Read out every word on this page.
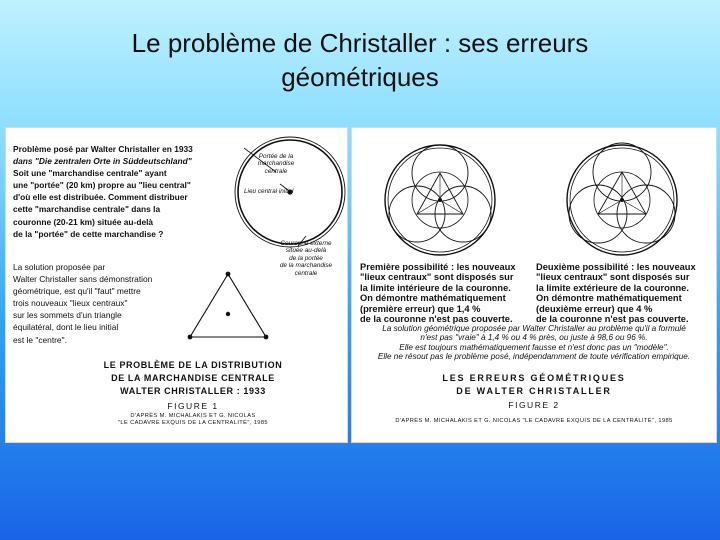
Le problème de Christaller : ses erreurs
géométriques
Problème posé par Walter Christaller en 1933
dans "Die zentralen Orte in Süddeutschland"
Soit une "marchandise centrale" ayant
une "portée" (20 km) propre au "lieu central"
d'où elle est distribuée. Comment distribuer
cette "marchandise centrale" dans la
couronne (20-21 km) située au-delà
de la "portée" de cette marchandise ?
La solution proposée par
Walter Christaller sans démonstration
géométrique, est qu'il "faut" mettre
trois nouveaux "lieux centraux"
sur les sommets d'un triangle
équilatéral, dont le lieu initial
est le "centre".
Portée de la
marchandise
centrale
Lieu central initial
Couronne externe
située au-delà
de la portée
de la marchandise
centrale
LE PROBLÈME DE LA DISTRIBUTION
DE LA MARCHANDISE CENTRALE
WALTER CHRISTALLER : 1933
FIGURE 1
D'APRÈS M. MICHALAKIS ET G. NICOLAS
"LE CADAVRE EXQUIS DE LA CENTRALITÉ", 1985
Première possibilité : les nouveaux
"lieux centraux" sont disposés sur
la limite intérieure de la couronne.
On démontre mathématiquement
(première erreur) que 1,4 %
de la couronne n'est pas couverte.
Deuxième possibilité : les nouveaux
"lieux centraux" sont disposés sur
la limite extérieure de la couronne.
On démontre mathématiquement
(deuxième erreur) que 4 %
de la couronne n'est pas couverte.
La solution géométrique proposée par Walter Christaller au problème qu'il a formulé
n'est pas "vraie" à 1,4 % ou 4 % près, ou juste à 98,6 ou 96 %.
Elle est toujours mathématiquement fausse et n'est donc pas un "modèle".
Elle ne résout pas le problème posé, indépendamment de toute vérification empirique.
LES ERREURS GÉOMÉTRIQUES
DE WALTER CHRISTALLER
FIGURE 2
D'APRÈS M. MICHALAKIS ET G. NICOLAS "LE CADAVRE EXQUIS DE LA CENTRALITÉ", 1985
